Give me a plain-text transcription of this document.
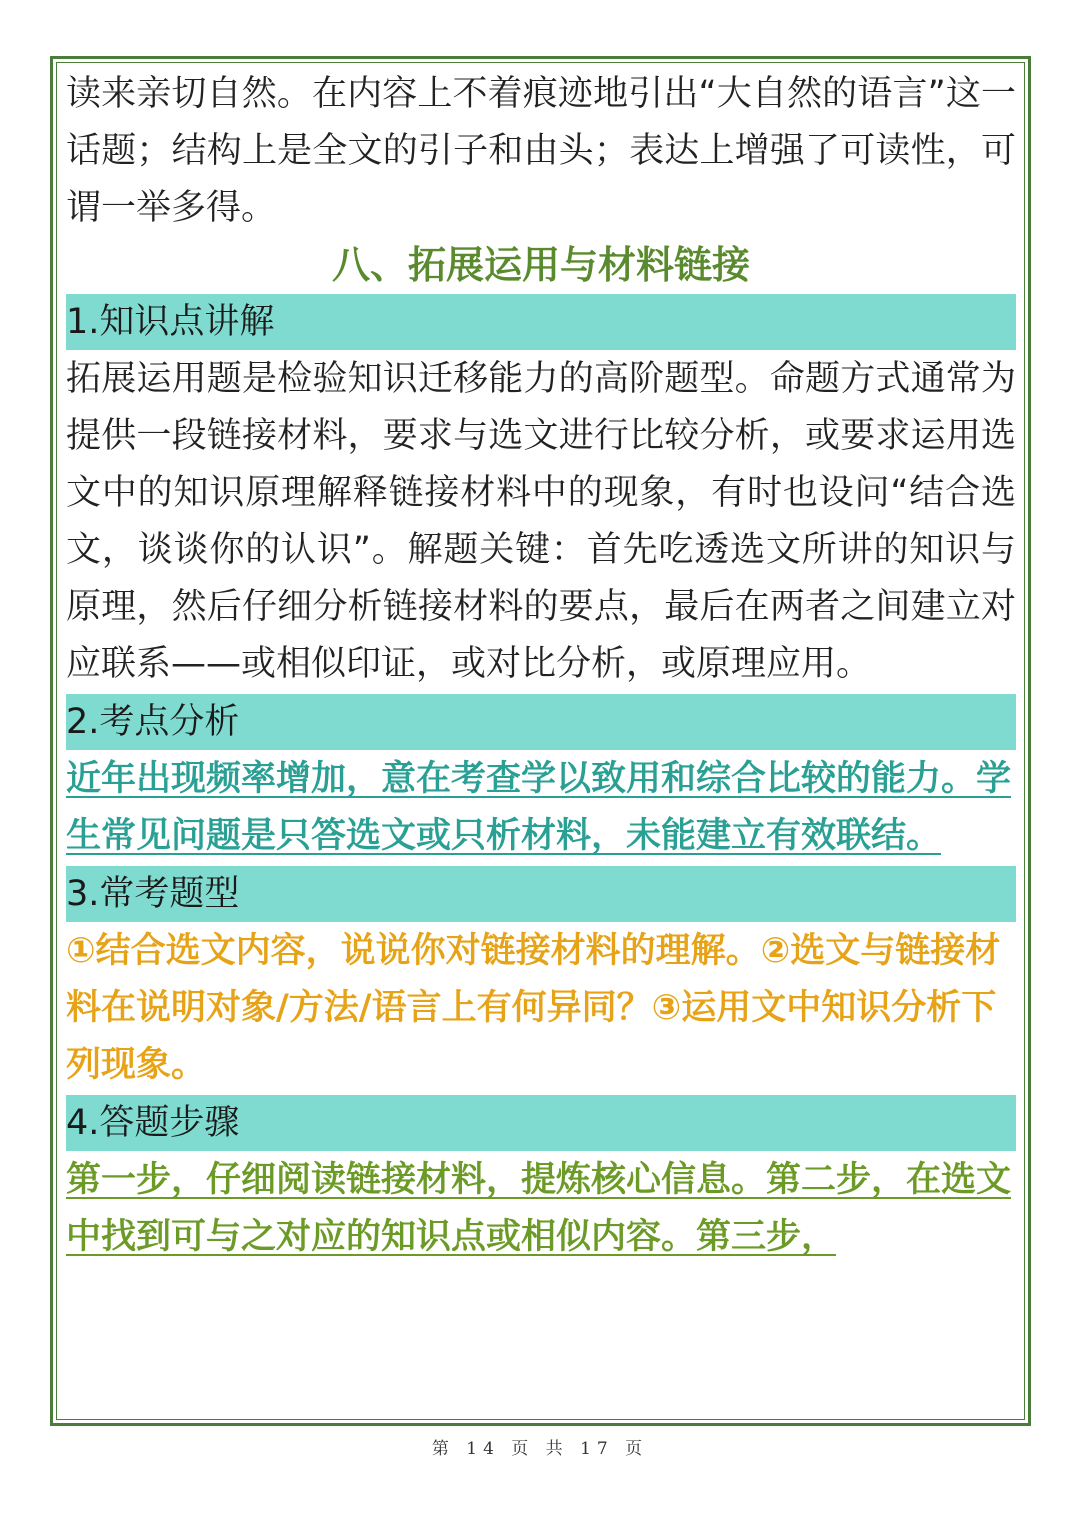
读来亲切自然。在内容上不着痕迹地引出“大自然的语言”这一话题；结构上是全文的引子和由头；表达上增强了可读性，可谓一举多得。

八、拓展运用与材料链接
1.知识点讲解

拓展运用题是检验知识迁移能力的高阶题型。命题方式通常为提供一段链接材料，要求与选文进行比较分析，或要求运用选文中的知识原理解释链接材料中的现象，有时也设问“结合选文，谈谈你的认识”。解题关键：首先吃透选文所讲的知识与原理，然后仔细分析链接材料的要点，最后在两者之间建立对应联系——或相似印证，或对比分析，或原理应用。

2.考点分析

近年出现频率增加，意在考查学以致用和综合比较的能力。学生常见问题是只答选文或只析材料，未能建立有效联结。

3.常考题型

①结合选文内容，说说你对链接材料的理解。②选文与链接材料在说明对象/方法/语言上有何异同？③运用文中知识分析下列现象。

4.答题步骤

第一步，仔细阅读链接材料，提炼核心信息。第二步，在选文中找到可与之对应的知识点或相似内容。第三步，

第 14 页 共 17 页
